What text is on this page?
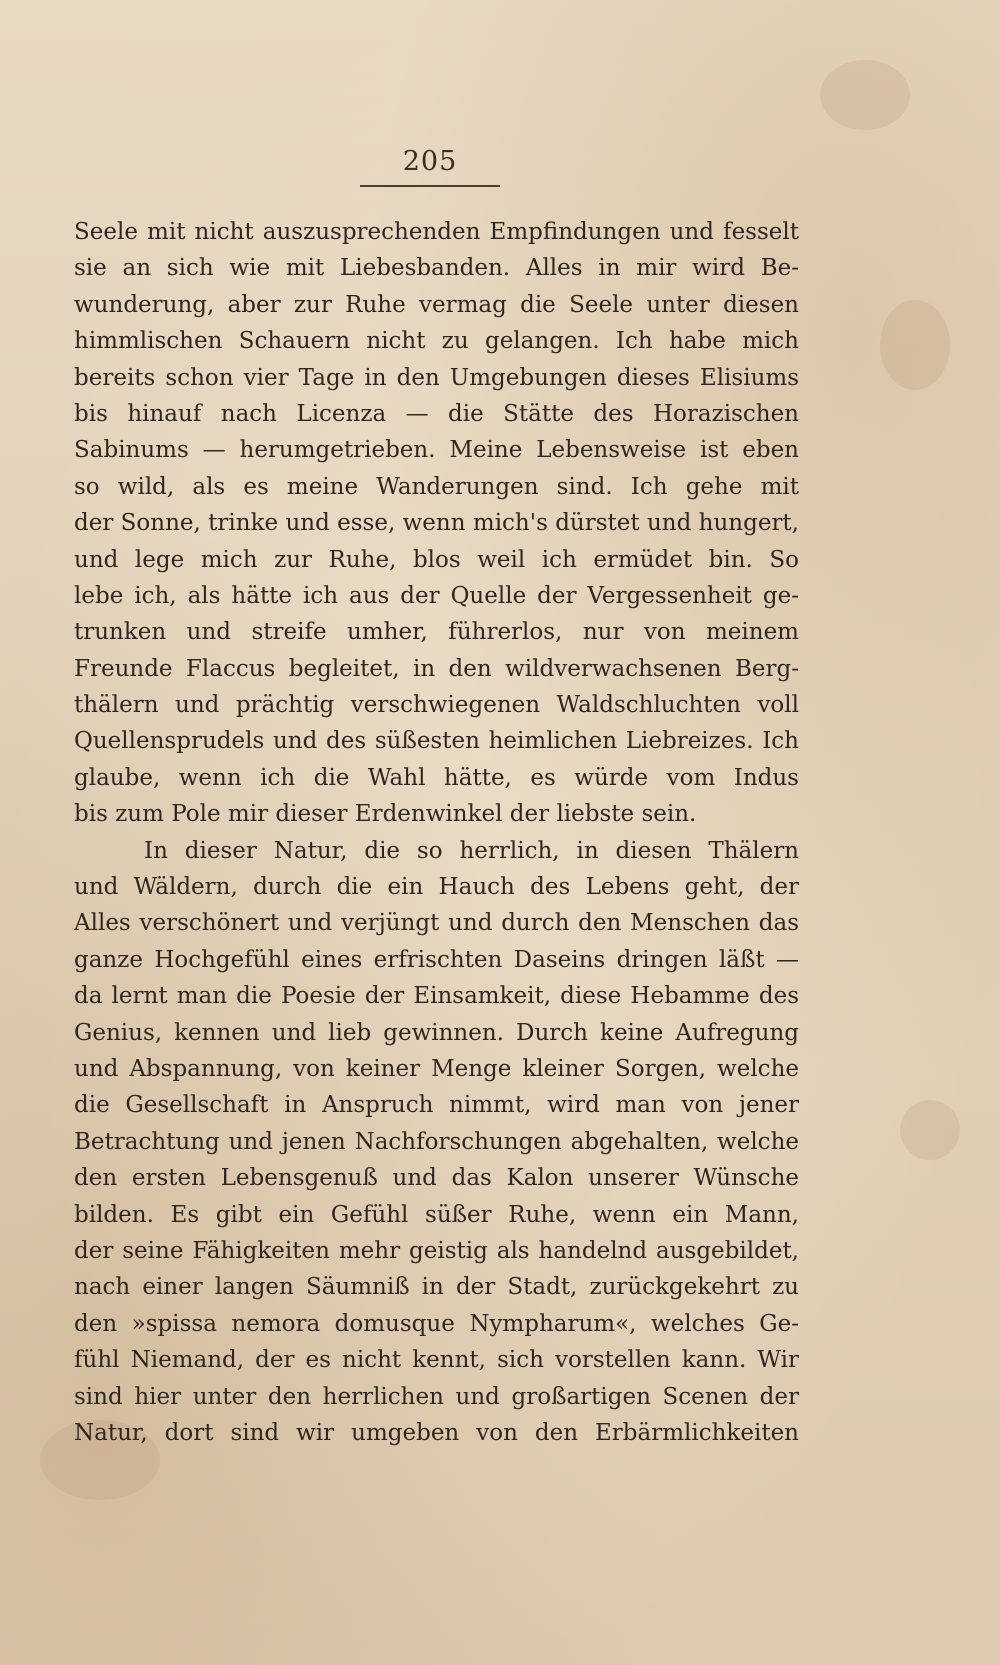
205
Seele mit nicht auszusprechenden Empfindungen und fesselt
sie an sich wie mit Liebesbanden. Alles in mir wird Be-
wunderung, aber zur Ruhe vermag die Seele unter diesen
himmlischen Schauern nicht zu gelangen. Ich habe mich
bereits schon vier Tage in den Umgebungen dieses Elisiums
bis hinauf nach Licenza — die Stätte des Horazischen
Sabinums — herumgetrieben. Meine Lebensweise ist eben
so wild, als es meine Wanderungen sind. Ich gehe mit
der Sonne, trinke und esse, wenn mich's dürstet und hungert,
und lege mich zur Ruhe, blos weil ich ermüdet bin. So
lebe ich, als hätte ich aus der Quelle der Vergessenheit ge-
trunken und streife umher, führerlos, nur von meinem
Freunde Flaccus begleitet, in den wildverwachsenen Berg-
thälern und prächtig verschwiegenen Waldschluchten voll
Quellensprudels und des süßesten heimlichen Liebreizes. Ich
glaube, wenn ich die Wahl hätte, es würde vom Indus
bis zum Pole mir dieser Erdenwinkel der liebste sein.
In dieser Natur, die so herrlich, in diesen Thälern
und Wäldern, durch die ein Hauch des Lebens geht, der
Alles verschönert und verjüngt und durch den Menschen das
ganze Hochgefühl eines erfrischten Daseins dringen läßt —
da lernt man die Poesie der Einsamkeit, diese Hebamme des
Genius, kennen und lieb gewinnen. Durch keine Aufregung
und Abspannung, von keiner Menge kleiner Sorgen, welche
die Gesellschaft in Anspruch nimmt, wird man von jener
Betrachtung und jenen Nachforschungen abgehalten, welche
den ersten Lebensgenuß und das Kalon unserer Wünsche
bilden. Es gibt ein Gefühl süßer Ruhe, wenn ein Mann,
der seine Fähigkeiten mehr geistig als handelnd ausgebildet,
nach einer langen Säumniß in der Stadt, zurückgekehrt zu
den »spissa nemora domusque Nympharum«, welches Ge-
fühl Niemand, der es nicht kennt, sich vorstellen kann. Wir
sind hier unter den herrlichen und großartigen Scenen der
Natur, dort sind wir umgeben von den Erbärmlichkeiten
